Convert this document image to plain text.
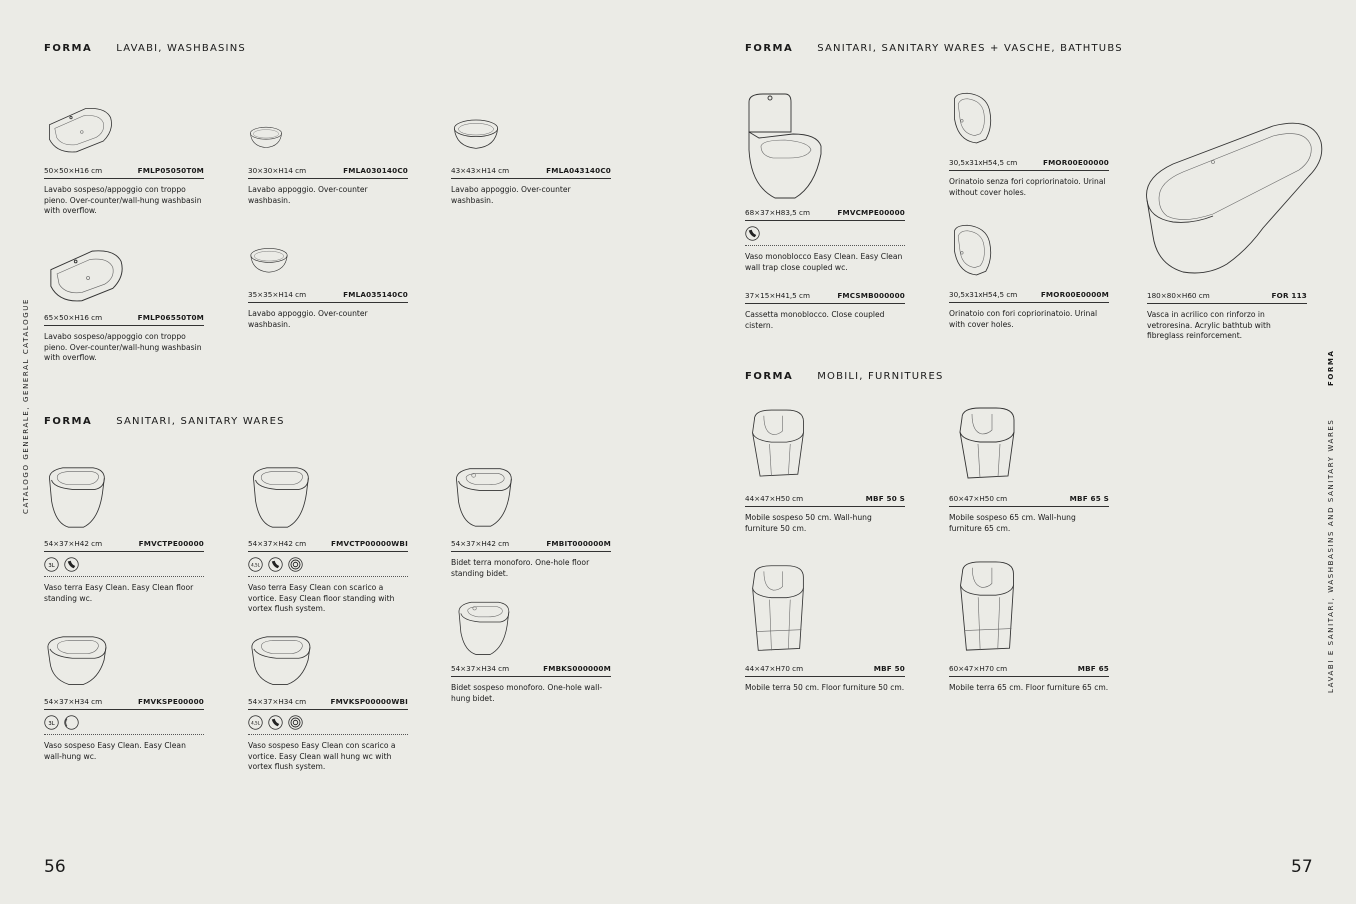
CATALOGO GENERALE, GENERAL CATALOGUE	FORMA
LAVABI E SANITARI, WASHBASINS AND SANITARY WARES
56	57
FORMA LAVABI, WASHBASINS
FORMA SANITARI, SANITARY WARES
FORMA SANITARI, SANITARY WARES + VASCHE, BATHTUBS
FORMA MOBILI, FURNITURES
50×50×H16 cm	FMLP05050T0M
Lavabo sospeso/appoggio con troppo pieno. Over-counter/wall-hung washbasin with overflow.
30×30×H14 cm	FMLA030140C0
Lavabo appoggio. Over-counter washbasin.
43×43×H14 cm	FMLA043140C0
Lavabo appoggio. Over-counter washbasin.
65×50×H16 cm	FMLP06550T0M
Lavabo sospeso/appoggio con troppo pieno. Over-counter/wall-hung washbasin with overflow.
35×35×H14 cm	FMLA035140C0
Lavabo appoggio. Over-counter washbasin.
54×37×H42 cm	FMVCTPE00000
3L
Vaso terra Easy Clean. Easy Clean floor standing wc.
54×37×H42 cm	FMVCTP00000WBI
4,5L
Vaso terra Easy Clean con scarico a vortice. Easy Clean floor standing with vortex flush system.
54×37×H42 cm	FMBIT000000M
Bidet terra monoforo. One-hole floor standing bidet.
54×37×H34 cm	FMVKSPE00000
3L
Vaso sospeso Easy Clean. Easy Clean wall-hung wc.
54×37×H34 cm	FMVKSP00000WBI
4,5L
Vaso sospeso Easy Clean con scarico a vortice. Easy Clean wall hung wc with vortex flush system.
54×37×H34 cm	FMBKS000000M
Bidet sospeso monoforo. One-hole wall-hung bidet.
68×37×H83,5 cm	FMVCMPE00000
Vaso monoblocco Easy Clean. Easy Clean wall trap close coupled wc.
37×15×H41,5 cm	FMCSMB000000
Cassetta monoblocco. Close coupled cistern.
30,5x31xH54,5 cm	FMOR00E00000
Orinatoio senza fori copriorinatoio. Urinal without cover holes.
30,5x31xH54,5 cm	FMOR00E0000M
Orinatoio con fori copriorinatoio. Urinal with cover holes.
180×80×H60 cm	FOR 113
Vasca in acrilico con rinforzo in vetroresina. Acrylic bathtub with fibreglass reinforcement.
44×47×H50 cm	MBF 50 S
Mobile sospeso 50 cm. Wall-hung furniture 50 cm.
60×47×H50 cm	MBF 65 S
Mobile sospeso 65 cm. Wall-hung furniture 65 cm.
44×47×H70 cm	MBF 50
Mobile terra 50 cm. Floor furniture 50 cm.
60×47×H70 cm	MBF 65
Mobile terra 65 cm. Floor furniture 65 cm.
